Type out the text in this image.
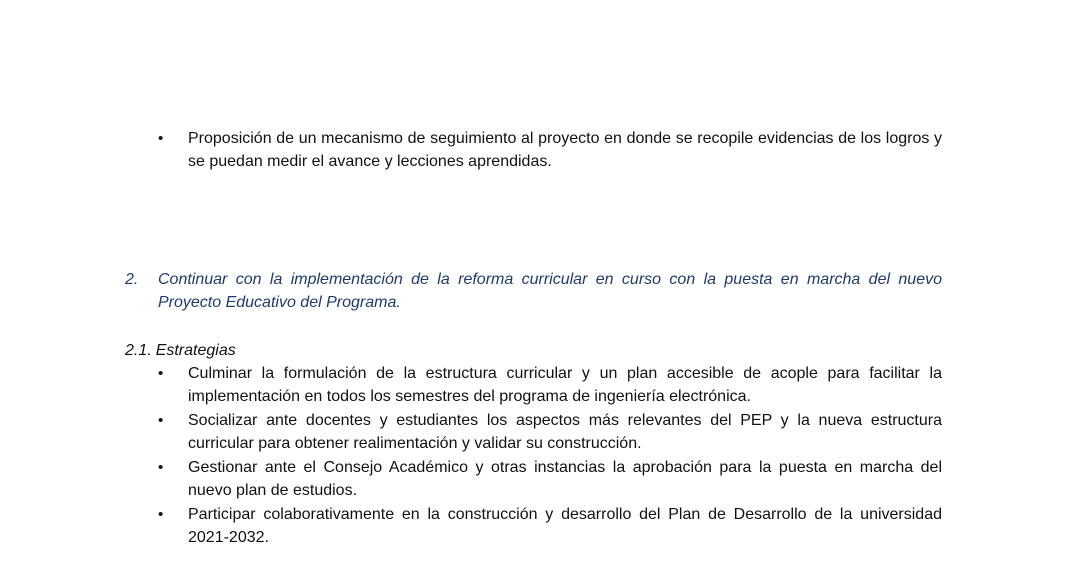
• Proposición de un mecanismo de seguimiento al proyecto en donde se recopile evidencias de los logros y se puedan medir el avance y lecciones aprendidas.
2. Continuar con la implementación de la reforma curricular en curso con la puesta en marcha del nuevo Proyecto Educativo del Programa.
2.1. Estrategias
• Culminar la formulación de la estructura curricular y un plan accesible de acople para facilitar la implementación en todos los semestres del programa de ingeniería electrónica.
• Socializar ante docentes y estudiantes los aspectos más relevantes del PEP y la nueva estructura curricular para obtener realimentación y validar su construcción.
• Gestionar ante el Consejo Académico y otras instancias la aprobación para la puesta en marcha del nuevo plan de estudios.
• Participar colaborativamente en la construcción y desarrollo del Plan de Desarrollo de la universidad 2021-2032.
